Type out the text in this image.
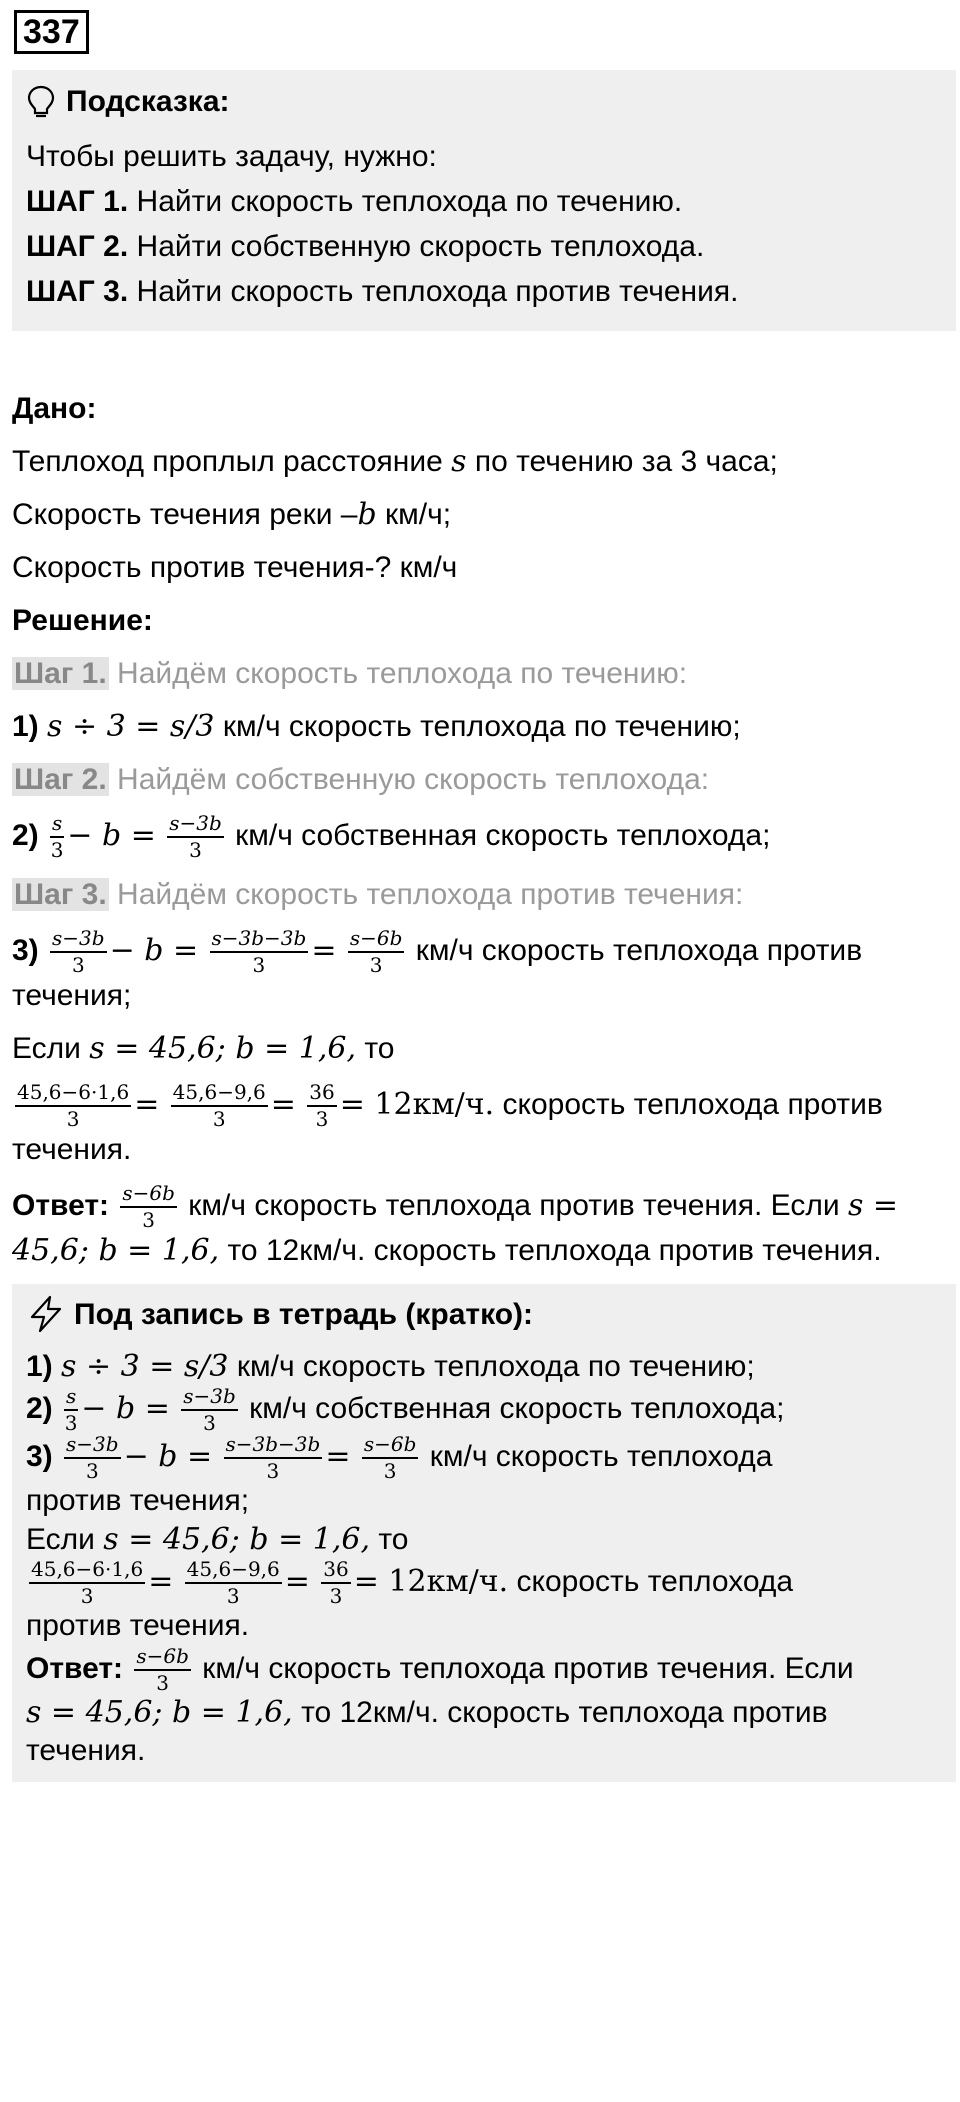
337
Подсказка:

Чтобы решить задачу, нужно:

ШАГ 1. Найти скорость теплохода по течению.

ШАГ 2. Найти собственную скорость теплохода.

ШАГ 3. Найти скорость теплохода против течения.

Дано:

Теплоход проплыл расстояние s по течению за 3 часа;

Скорость течения реки –b км/ч;

Скорость против течения-? км/ч

Решение:

Шаг 1. Найдём скорость теплохода по течению:

1) s ÷ 3 = s/3 км/ч скорость теплохода по течению;

Шаг 2. Найдём собственную скорость теплохода:

$2) \frac{s}{3} - b = \frac{s-3b}{3} км/ч$ собственная скорость теплохода;

Шаг 3. Найдём скорость теплохода против течения:

$3) \frac{s-3b}{3} - b = \frac{s-3b-3b}{3} = \frac{s-6b}{3} км/ч$ скорость теплохода против

течения;

Если s = 45,6; b = 1,6, то

$\frac{45,6-6\cdot 1,6}{3} = \frac{45,6-9,6}{3} = \frac{36}{3} = 12км/ч$. скорость теплохода против

течения.

Ответ: $\frac{s-6b}{3} км/ч$ скорость теплохода против течения. Если s =

45,6; b = 1,6, то 12км/ч. скорость теплохода против течения.

Под запись в тетрадь (кратко):

1) s ÷ 3 = s/3 км/ч скорость теплохода по течению;

$2) \frac{s}{3} - b = \frac{s-3b}{3} км/ч$ собственная скорость теплохода;

$3) \frac{s-3b}{3} - b = \frac{s-3b-3b}{3} = \frac{s-6b}{3} км/ч$ скорость теплохода

против течения;

Если s = 45,6; b = 1,6, то

$\frac{45,6-6\cdot 1,6}{3} = \frac{45,6-9,6}{3} = \frac{36}{3} = 12км/ч$. скорость теплохода

против течения.

Ответ: $\frac{s-6b}{3} км/ч$ скорость теплохода против течения. Если

s = 45,6; b = 1,6, то 12км/ч. скорость теплохода против

течения.
